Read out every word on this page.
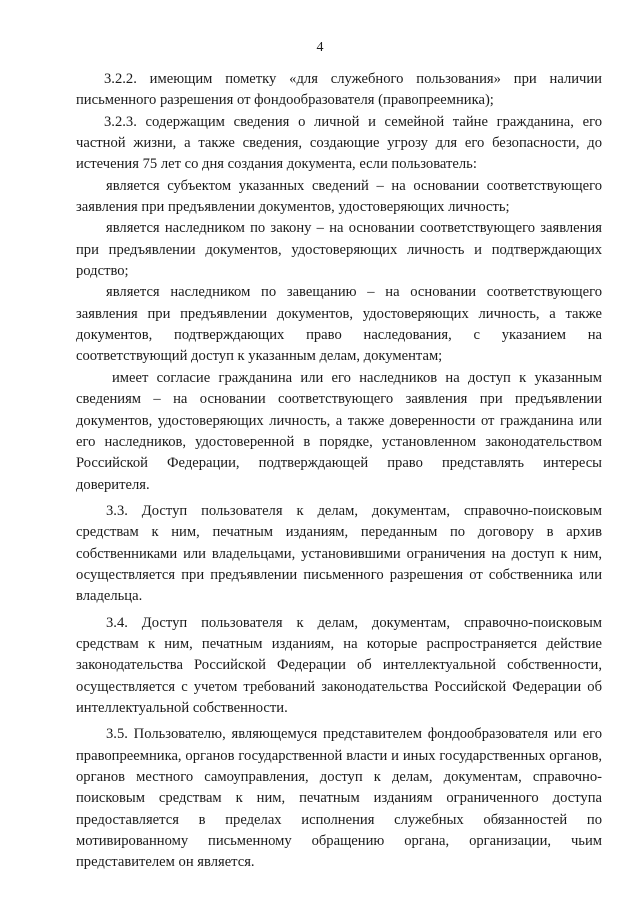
4

3.2.2. имеющим пометку «для служебного пользования» при наличии письменного разрешения от фондообразователя (правопреемника);

3.2.3. содержащим сведения о личной и семейной тайне гражданина, его частной жизни, а также сведения, создающие угрозу для его безопасности, до истечения 75 лет со дня создания документа, если пользователь:

является субъектом указанных сведений – на основании соответствующего заявления при предъявлении документов, удостоверяющих личность;

является наследником по закону – на основании соответствующего заявления при предъявлении документов, удостоверяющих личность и подтверждающих родство;

является наследником по завещанию – на основании соответствующего заявления при предъявлении документов, удостоверяющих личность, а также документов, подтверждающих право наследования, с указанием на соответствующий доступ к указанным делам, документам;

имеет согласие гражданина или его наследников на доступ к указанным сведениям – на основании соответствующего заявления при предъявлении документов, удостоверяющих личность, а также доверенности от гражданина или его наследников, удостоверенной в порядке, установленном законодательством Российской Федерации, подтверждающей право представлять интересы доверителя.

3.3. Доступ пользователя к делам, документам, справочно-поисковым средствам к ним, печатным изданиям, переданным по договору в архив собственниками или владельцами, установившими ограничения на доступ к ним, осуществляется при предъявлении письменного разрешения от собственника или владельца.

3.4. Доступ пользователя к делам, документам, справочно-поисковым средствам к ним, печатным изданиям, на которые распространяется действие законодательства Российской Федерации об интеллектуальной собственности, осуществляется с учетом требований законодательства Российской Федерации об интеллектуальной собственности.

3.5. Пользователю, являющемуся представителем фондообразователя или его правопреемника, органов государственной власти и иных государственных органов, органов местного самоуправления, доступ к делам, документам, справочно-поисковым средствам к ним, печатным изданиям ограниченного доступа предоставляется в пределах исполнения служебных обязанностей по мотивированному письменному обращению органа, организации, чьим представителем он является.
